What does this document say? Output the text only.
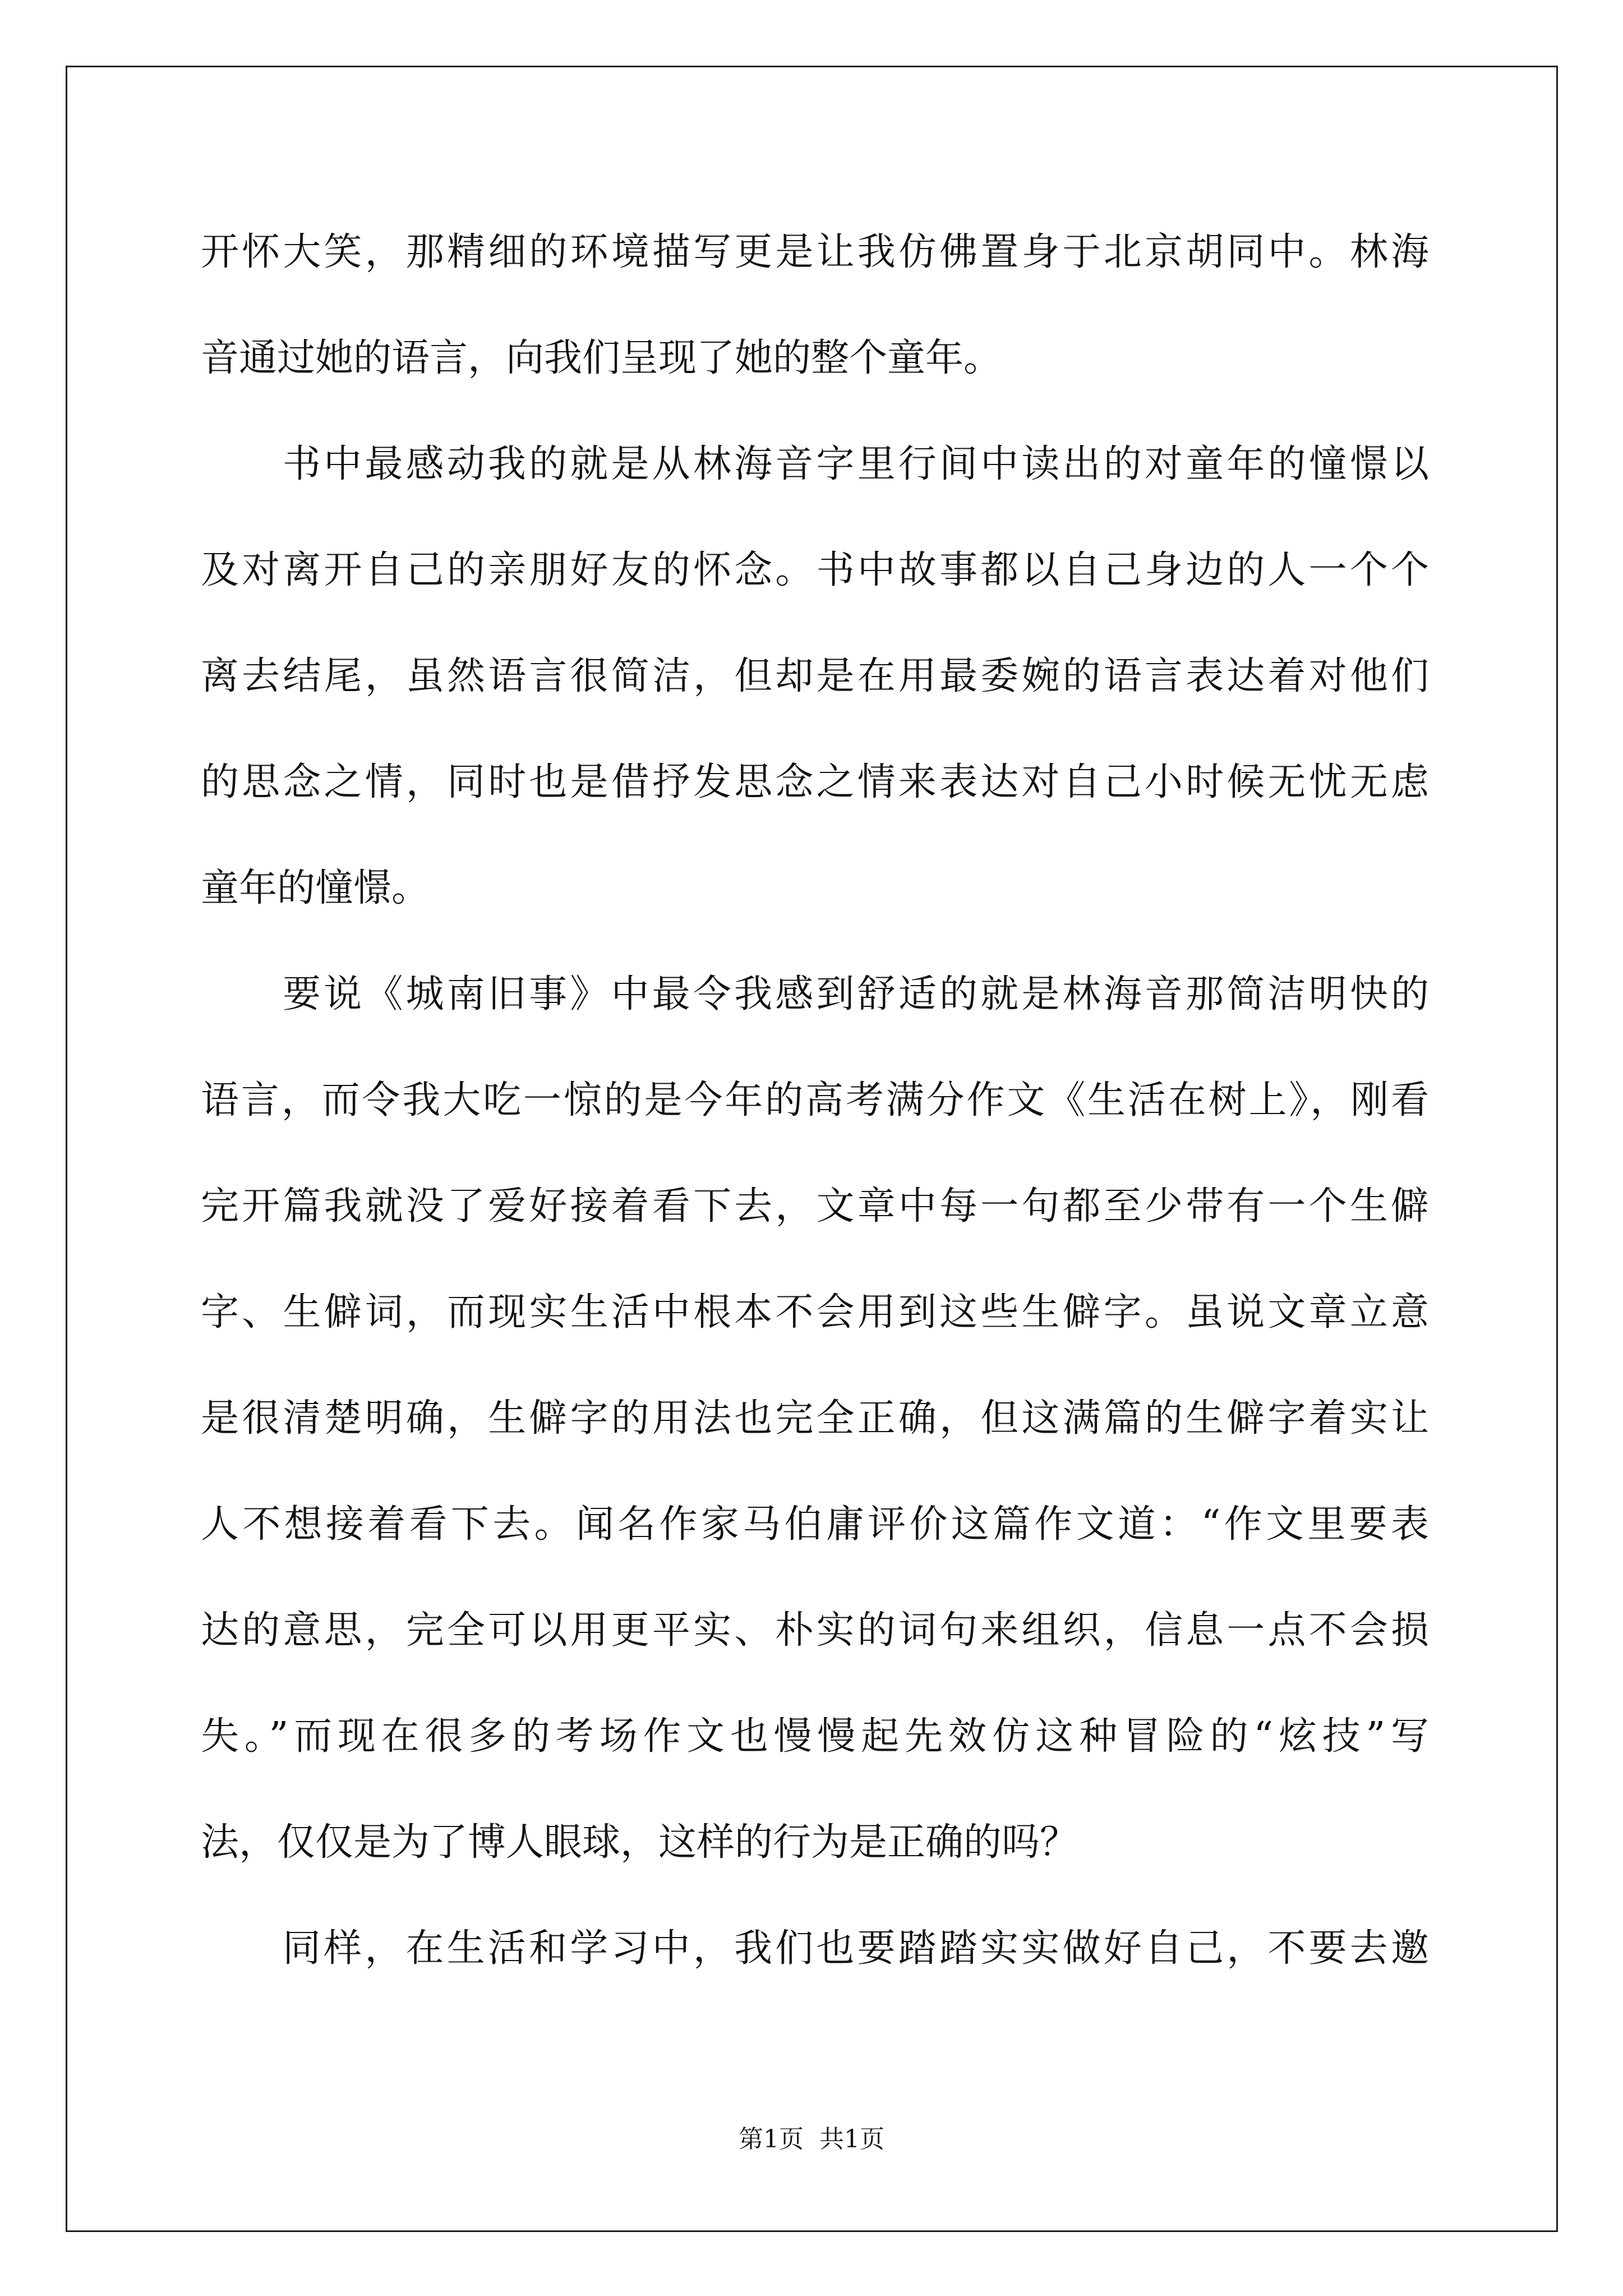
开怀大笑，那精细的环境描写更是让我仿佛置身于北京胡同中。林海
音通过她的语言，向我们呈现了她的整个童年。
书中最感动我的就是从林海音字里行间中读出的对童年的憧憬以
及对离开自己的亲朋好友的怀念。书中故事都以自己身边的人一个个
离去结尾，虽然语言很简洁，但却是在用最委婉的语言表达着对他们
的思念之情，同时也是借抒发思念之情来表达对自己小时候无忧无虑
童年的憧憬。
要说《城南旧事》中最令我感到舒适的就是林海音那简洁明快的
语言，而令我大吃一惊的是今年的高考满分作文《生活在树上》，刚看
完开篇我就没了爱好接着看下去，文章中每一句都至少带有一个生僻
字、生僻词，而现实生活中根本不会用到这些生僻字。虽说文章立意
是很清楚明确，生僻字的用法也完全正确，但这满篇的生僻字着实让
人不想接着看下去。闻名作家马伯庸评价这篇作文道：“作文里要表
达的意思，完全可以用更平实、朴实的词句来组织，信息一点不会损
失。”而现在很多的考场作文也慢慢起先效仿这种冒险的“炫技”写
法，仅仅是为了博人眼球，这样的行为是正确的吗？
同样，在生活和学习中，我们也要踏踏实实做好自己，不要去邀
第1页  共1页
